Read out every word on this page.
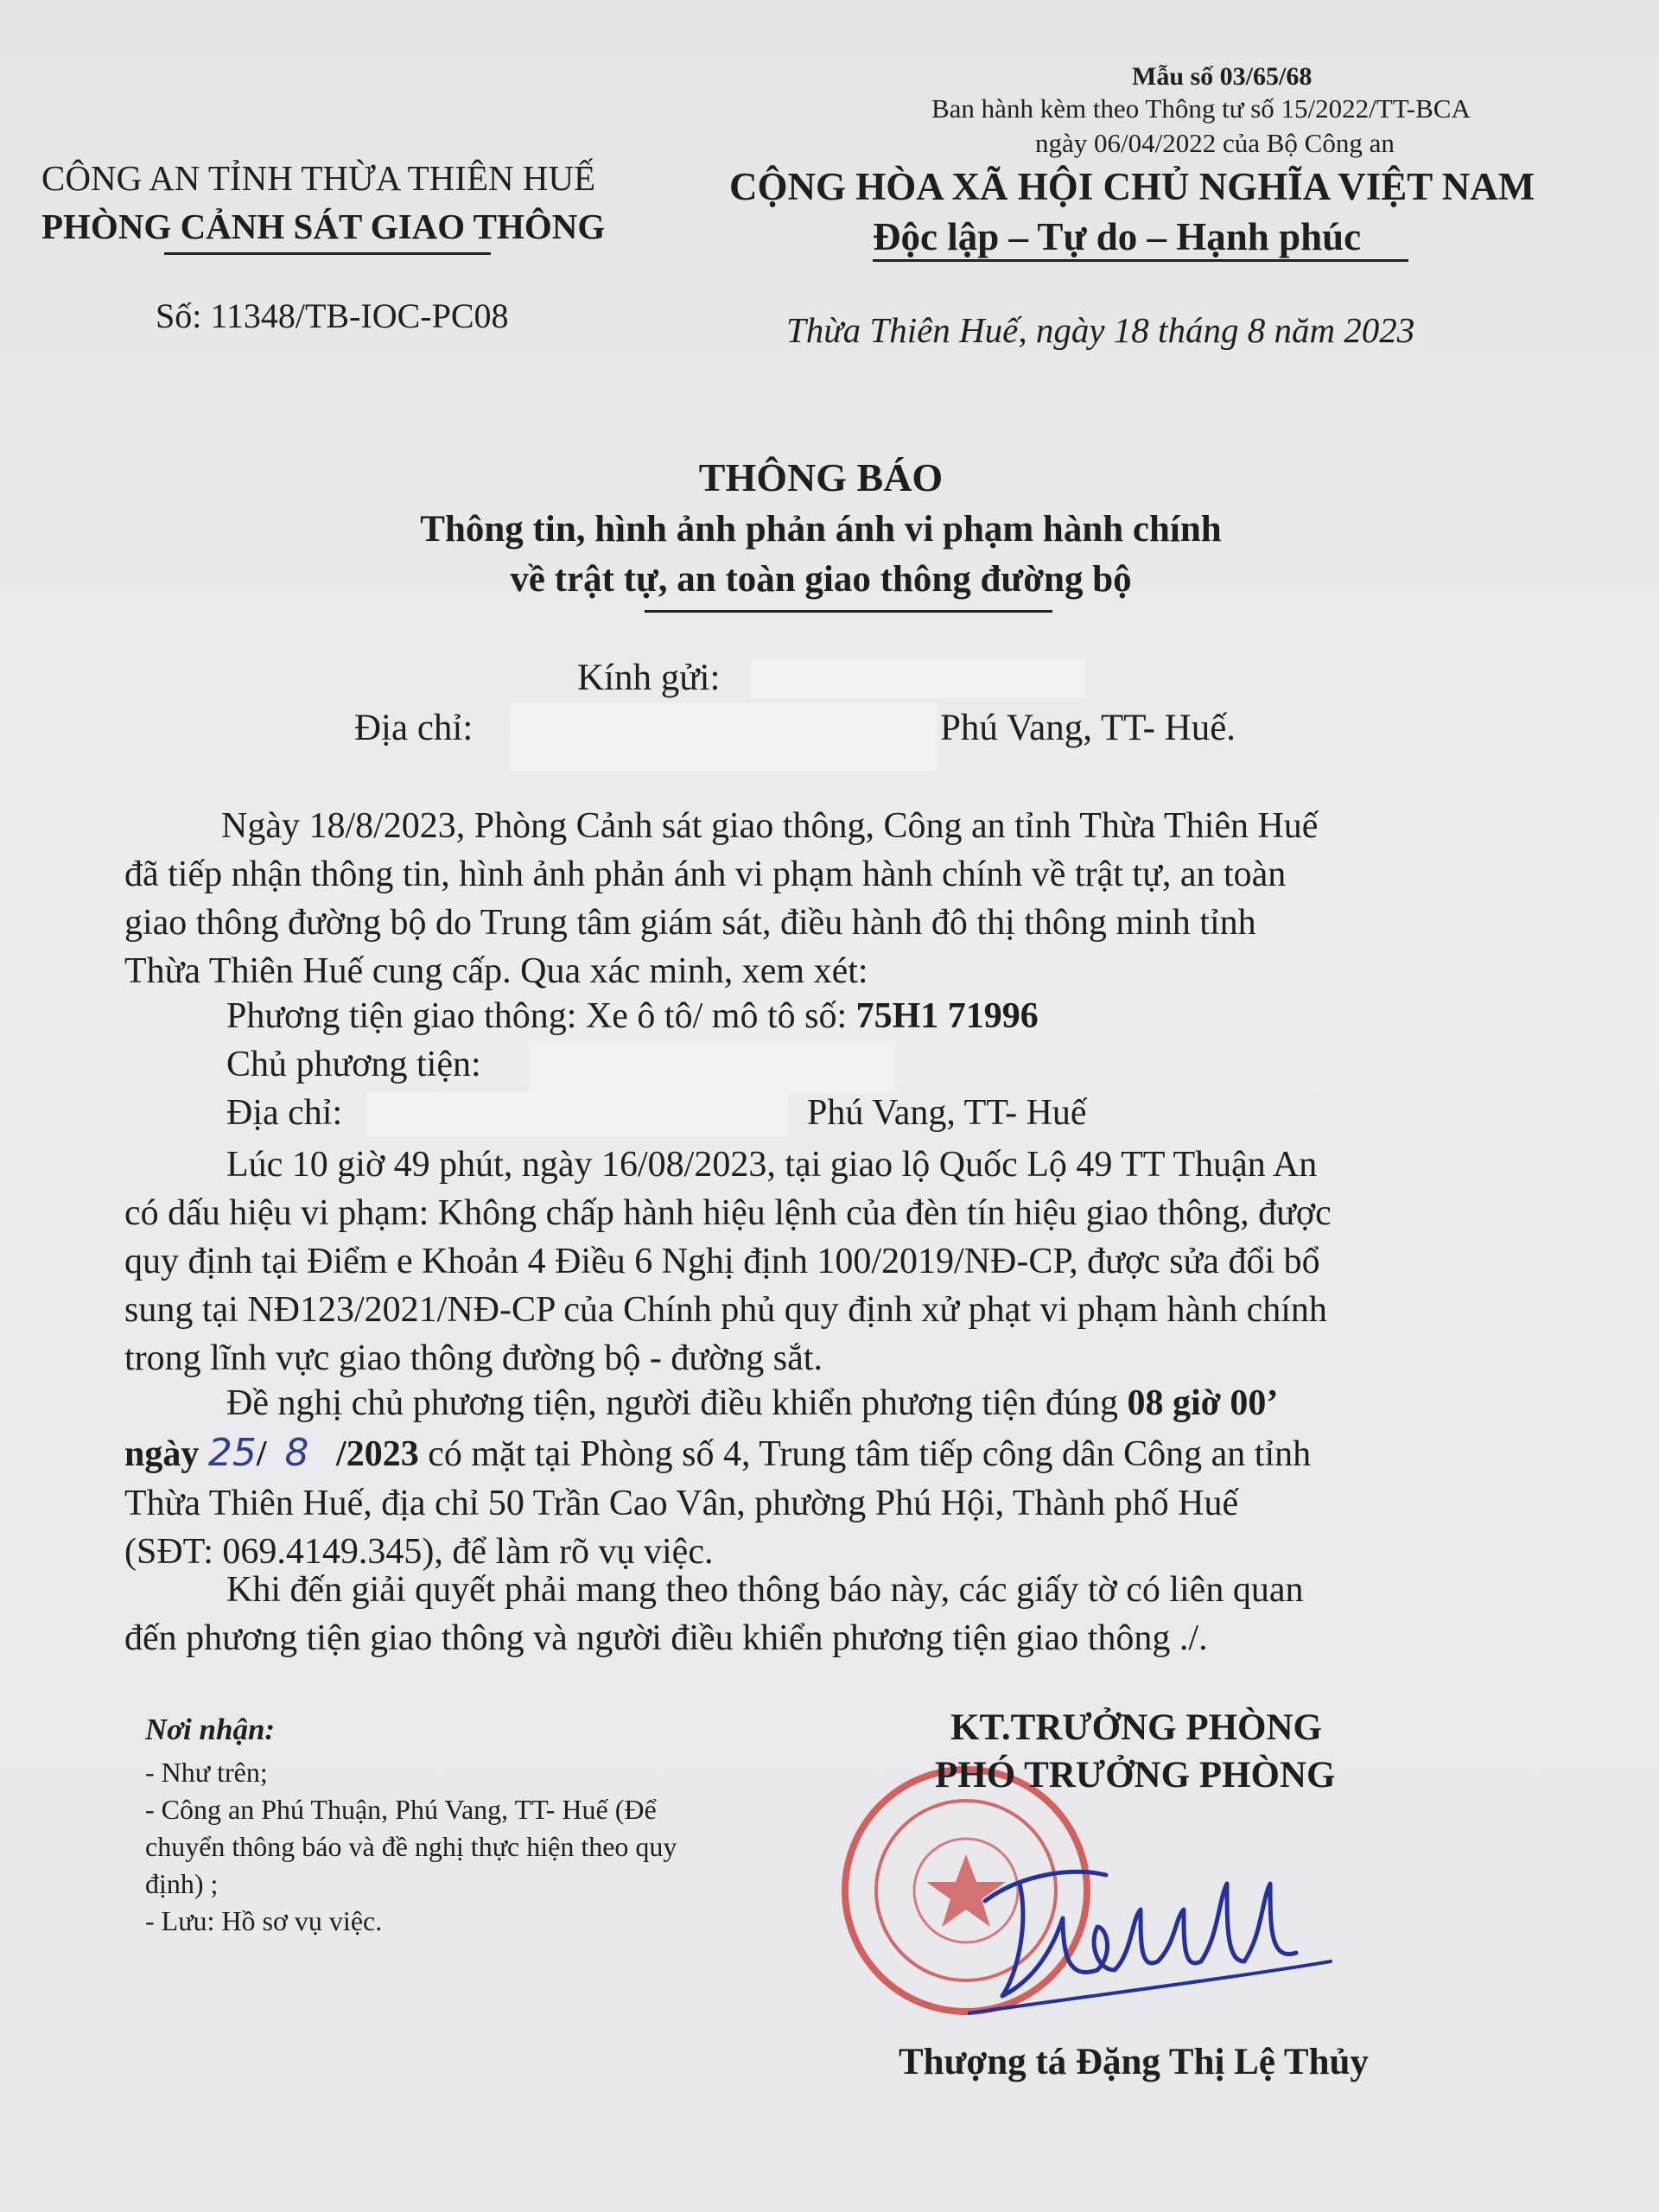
Mẫu số 03/65/68
Ban hành kèm theo Thông tư số 15/2022/TT-BCA
ngày 06/04/2022 của Bộ Công an
CÔNG AN TỈNH THỪA THIÊN HUẾ
PHÒNG CẢNH SÁT GIAO THÔNG
CỘNG HÒA XÃ HỘI CHỦ NGHĨA VIỆT NAM
Độc lập – Tự do – Hạnh phúc
Số: 11348/TB-IOC-PC08	Thừa Thiên Huế, ngày 18 tháng 8 năm 2023
THÔNG BÁO
Thông tin, hình ảnh phản ánh vi phạm hành chính
về trật tự, an toàn giao thông đường bộ
Kính gửi:
Địa chỉ:	Phú Vang, TT- Huế.
Ngày 18/8/2023, Phòng Cảnh sát giao thông, Công an tỉnh Thừa Thiên Huế
đã tiếp nhận thông tin, hình ảnh phản ánh vi phạm hành chính về trật tự, an toàn
giao thông đường bộ do Trung tâm giám sát, điều hành đô thị thông minh tỉnh
Thừa Thiên Huế cung cấp. Qua xác minh, xem xét:
Phương tiện giao thông: Xe ô tô/ mô tô số: 75H1 71996
Chủ phương tiện:
Địa chỉ:	Phú Vang, TT- Huế
Lúc 10 giờ 49 phút, ngày 16/08/2023, tại giao lộ Quốc Lộ 49 TT Thuận An
có dấu hiệu vi phạm: Không chấp hành hiệu lệnh của đèn tín hiệu giao thông, được
quy định tại Điểm e Khoản 4 Điều 6 Nghị định 100/2019/NĐ-CP, được sửa đổi bổ
sung tại NĐ123/2021/NĐ-CP của Chính phủ quy định xử phạt vi phạm hành chính
trong lĩnh vực giao thông đường bộ - đường sắt.
Đề nghị chủ phương tiện, người điều khiển phương tiện đúng 08 giờ 00’
ngày 25/ 8 /2023 có mặt tại Phòng số 4, Trung tâm tiếp công dân Công an tỉnh
Thừa Thiên Huế, địa chỉ 50 Trần Cao Vân, phường Phú Hội, Thành phố Huế
(SĐT: 069.4149.345), để làm rõ vụ việc.
Khi đến giải quyết phải mang theo thông báo này, các giấy tờ có liên quan
đến phương tiện giao thông và người điều khiển phương tiện giao thông ./.
Nơi nhận:
- Như trên;
- Công an Phú Thuận, Phú Vang, TT- Huế (Để
chuyển thông báo và đề nghị thực hiện theo quy
định) ;
- Lưu: Hồ sơ vụ việc.
KT.TRƯỞNG PHÒNG
PHÓ TRƯỞNG PHÒNG
Thượng tá Đặng Thị Lệ Thủy
